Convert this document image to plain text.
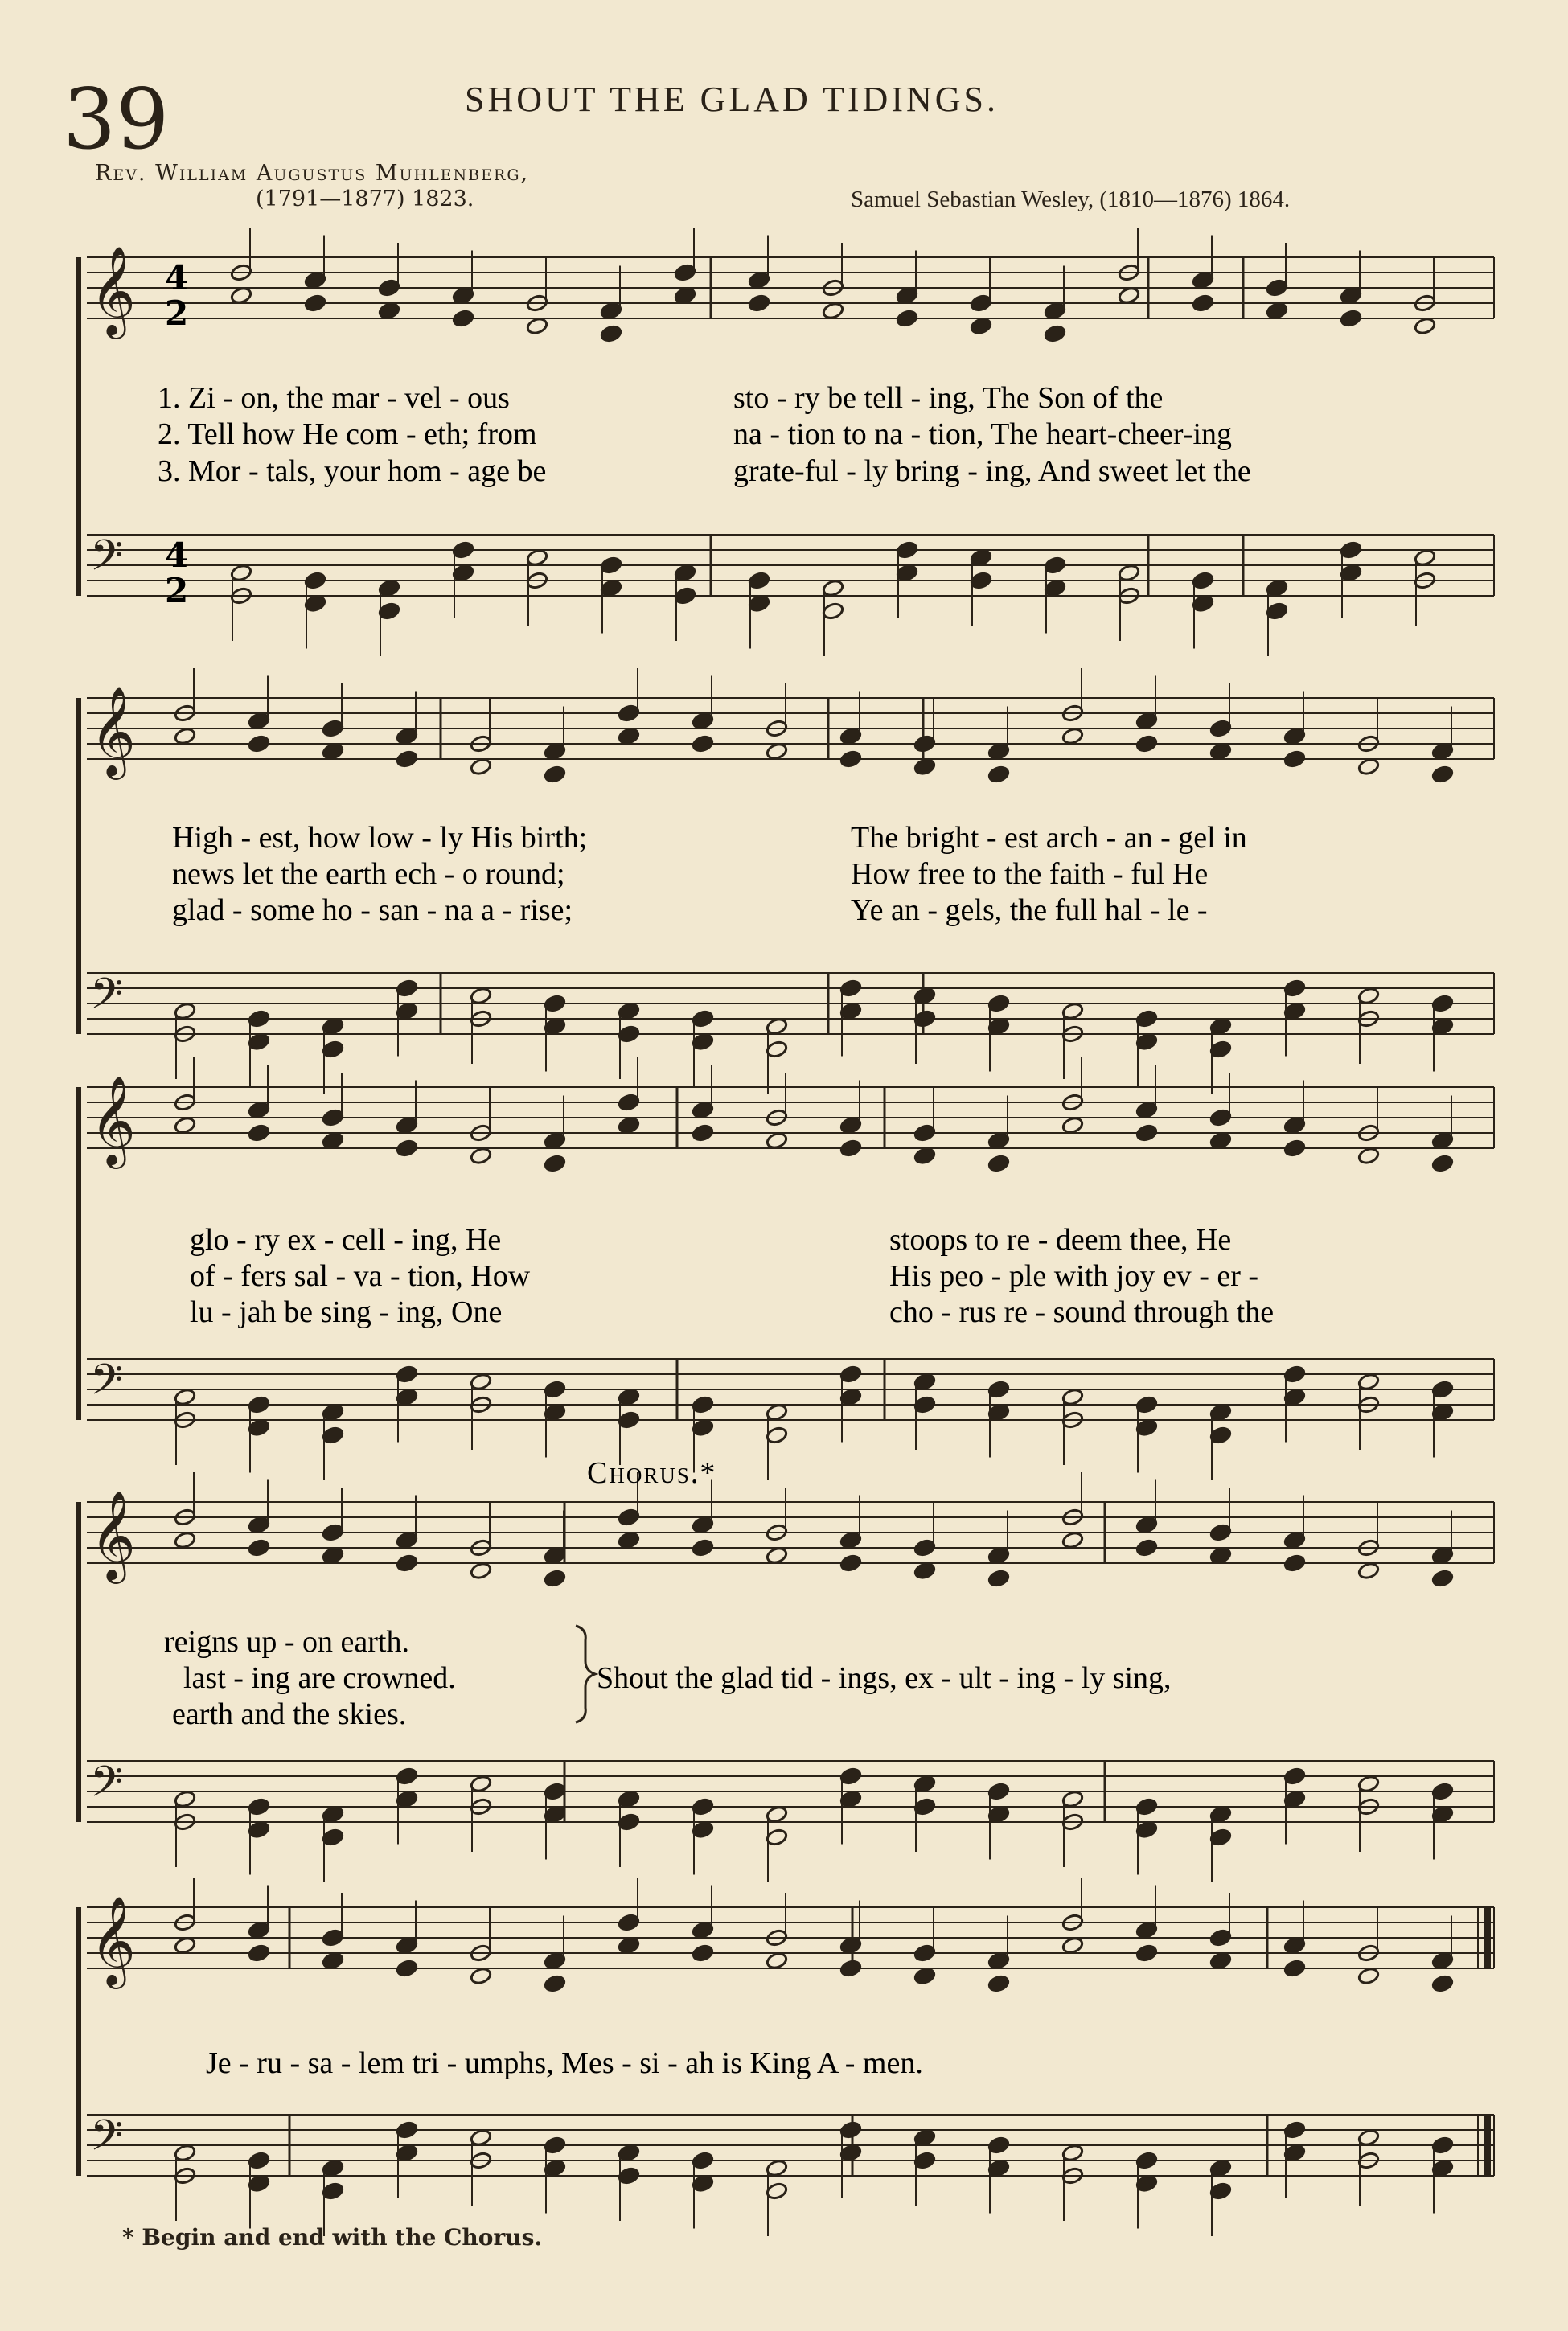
39	SHOUT THE GLAD TIDINGS.
Rev. William Augustus Muhlenberg,
(1791—1877) 1823.	Samuel Sebastian Wesley, (1810—1876) 1864.
𝄞
𝄢
𝄞
𝄢
𝄞
𝄢
𝄞
𝄢
𝄞
𝄢
4
2
4
2
1. Zi - on, the mar - vel - ous	sto - ry be tell - ing, The Son of the
2. Tell how He com - eth; from	na - tion to na - tion, The heart-cheer-ing
3. Mor - tals, your hom - age be	grate-ful - ly bring - ing, And sweet let the
High - est, how low - ly His birth;	The bright - est arch - an - gel in
news let the earth ech - o round;	How free to the faith - ful He
glad - some ho - san - na a - rise;	Ye an - gels, the full hal - le -
glo - ry ex - cell - ing, He	stoops to re - deem thee, He
of - fers sal - va - tion, How	His peo - ple with joy ev - er -
lu - jah be sing - ing, One	cho - rus re - sound through the
Chorus.*
reigns up - on earth.
last - ing are crowned.
earth and the skies.
Shout the glad tid - ings, ex - ult - ing - ly sing,
Je - ru - sa - lem tri - umphs, Mes - si - ah is King A - men.
* Begin and end with the Chorus.
